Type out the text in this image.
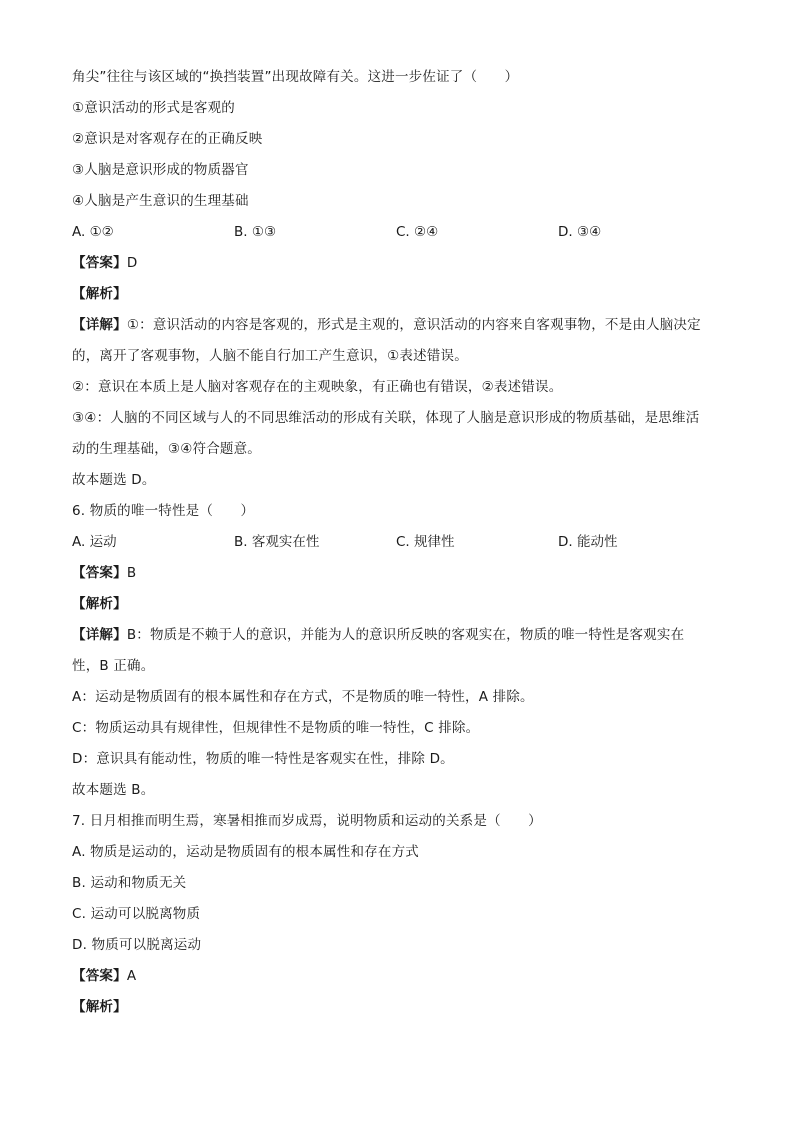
角尖”往往与该区域的“换挡装置”出现故障有关。这进一步佐证了（　　）
①意识活动的形式是客观的
②意识是对客观存在的正确反映
③人脑是意识形成的物质器官
④人脑是产生意识的生理基础
A. ①②	B. ①③	C. ②④	D. ③④
【答案】D
【解析】
【详解】①：意识活动的内容是客观的，形式是主观的，意识活动的内容来自客观事物，不是由人脑决定
的，离开了客观事物，人脑不能自行加工产生意识，①表述错误。
②：意识在本质上是人脑对客观存在的主观映象，有正确也有错误，②表述错误。
③④：人脑的不同区域与人的不同思维活动的形成有关联，体现了人脑是意识形成的物质基础，是思维活
动的生理基础，③④符合题意。
故本题选 D。
6. 物质的唯一特性是（　　）
A. 运动	B. 客观实在性	C. 规律性	D. 能动性
【答案】B
【解析】
【详解】B：物质是不赖于人的意识，并能为人的意识所反映的客观实在，物质的唯一特性是客观实在
性，B 正确。
A：运动是物质固有的根本属性和存在方式，不是物质的唯一特性，A 排除。
C：物质运动具有规律性，但规律性不是物质的唯一特性，C 排除。
D：意识具有能动性，物质的唯一特性是客观实在性，排除 D。
故本题选 B。
7. 日月相推而明生焉，寒暑相推而岁成焉，说明物质和运动的关系是（　　）
A. 物质是运动的，运动是物质固有的根本属性和存在方式
B. 运动和物质无关
C. 运动可以脱离物质
D. 物质可以脱离运动
【答案】A
【解析】
